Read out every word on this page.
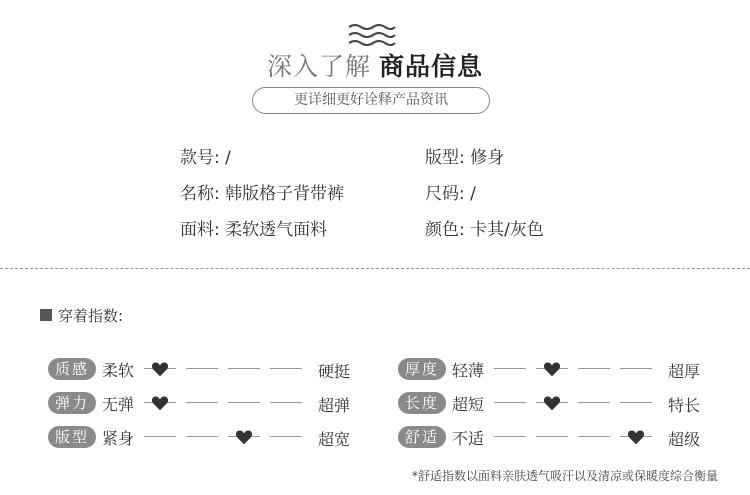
深入了解 商品信息
更详细更好诠释产品资讯
款号: /	版型: 修身
名称: 韩版格子背带裤	尺码: /
面料: 柔软透气面料	颜色: 卡其/灰色
穿着指数:
质感 柔软	硬挺
弹力 无弹	超弹
版型 紧身	超宽
厚度 轻薄	超厚
长度 超短	特长
舒适 不适	超级
*舒适指数以面料亲肤透气吸汗以及清凉或保暖度综合衡量
